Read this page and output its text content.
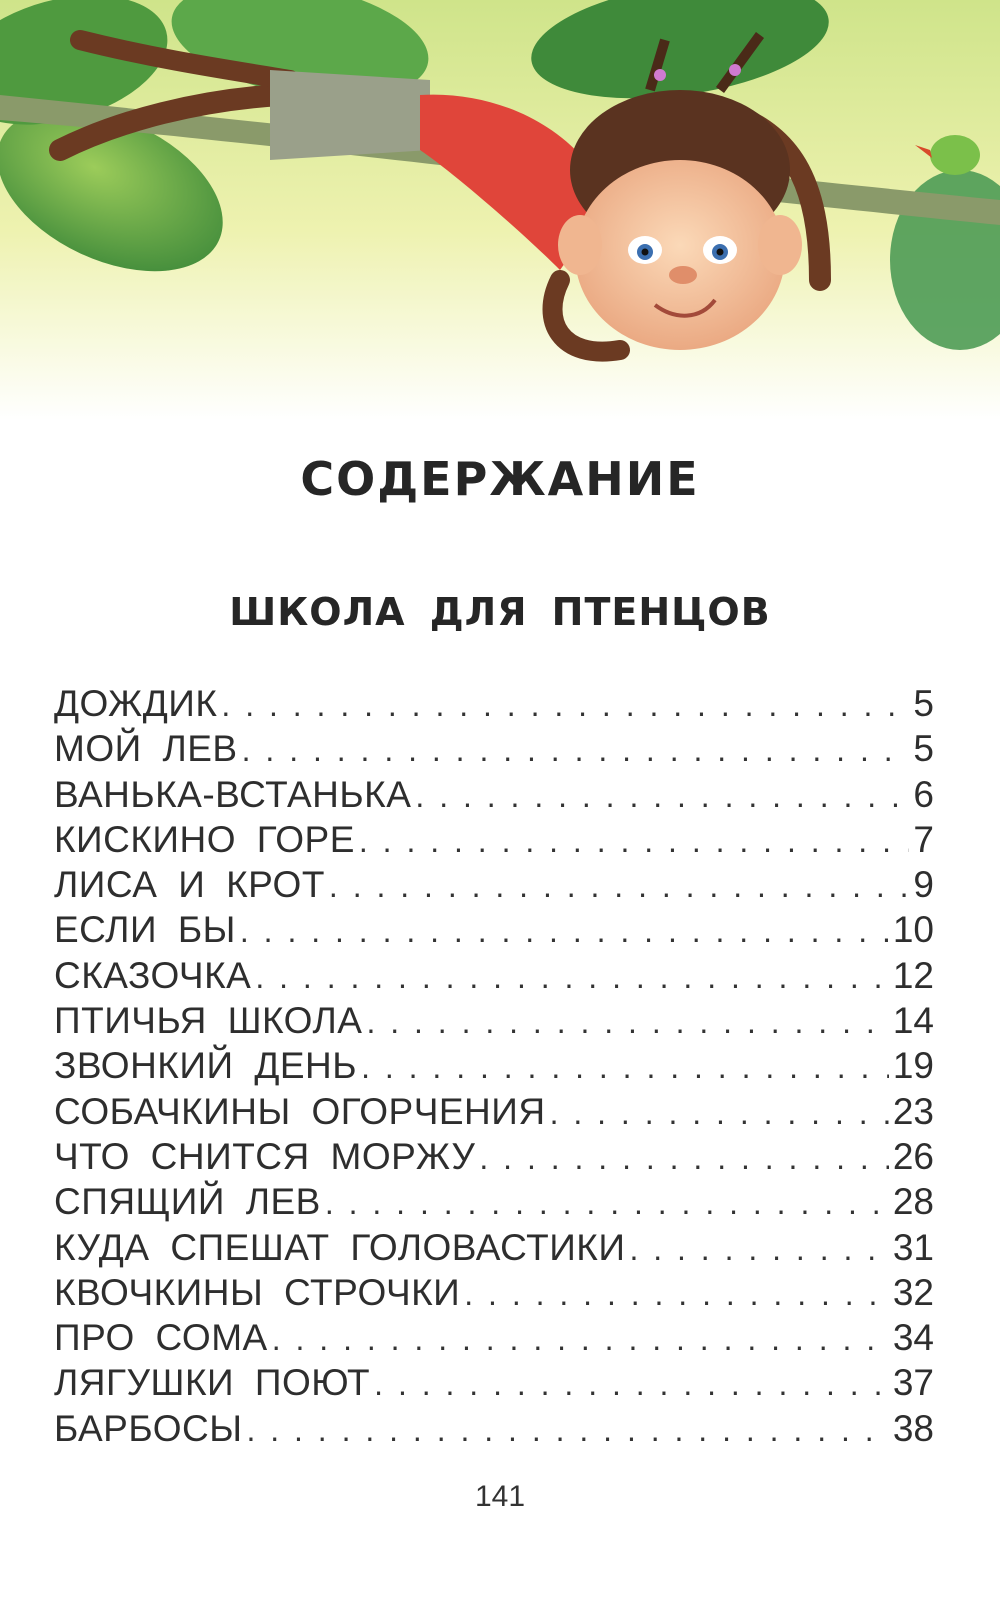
СОДЕРЖАНИЕ
ШКОЛА ДЛЯ ПТЕНЦОВ
ДОЖДИК . . .	5
МОЙ ЛЕВ . . .	5
ВАНЬКА-ВСТАНЬКА . . .	6
КИСКИНО ГОРЕ . . .	7
ЛИСА И КРОТ . . .	9
ЕСЛИ БЫ . . .	10
СКАЗОЧКА . . .	12
ПТИЧЬЯ ШКОЛА . . .	14
ЗВОНКИЙ ДЕНЬ . . .	19
СОБАЧКИНЫ ОГОРЧЕНИЯ . . .	23
ЧТО СНИТСЯ МОРЖУ . . .	26
СПЯЩИЙ ЛЕВ . . .	28
КУДА СПЕШАТ ГОЛОВАСТИКИ . . .	31
КВОЧКИНЫ СТРОЧКИ . . .	32
ПРО СОМА . . .	34
ЛЯГУШКИ ПОЮТ . . .	37
БАРБОСЫ . . .	38
141
